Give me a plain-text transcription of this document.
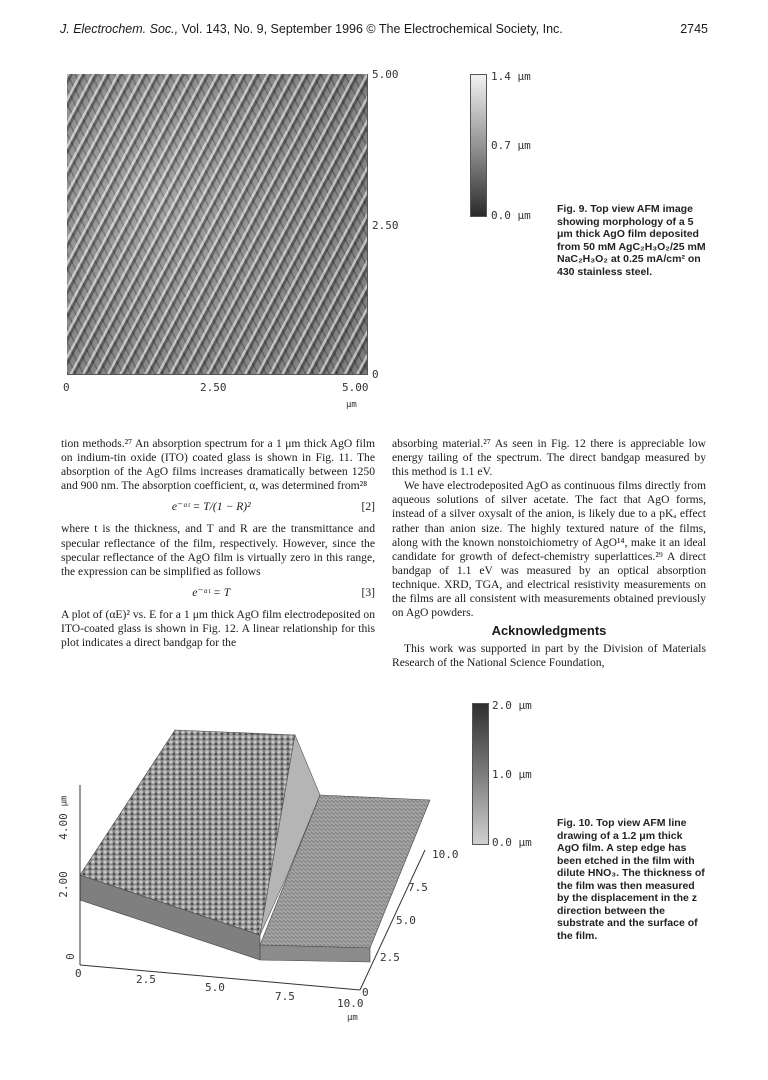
J. Electrochem. Soc., Vol. 143, No. 9, September 1996 © The Electrochemical Society, Inc.	2745
5.00
2.50
0
0	2.50	5.00
μm
1.4 μm
0.7 μm
0.0 μm	Fig. 9. Top view AFM image showing morphology of a 5 μm thick AgO film deposited from 50 mM AgC₂H₃O₂/25 mM NaC₂H₃O₂ at 0.25 mA/cm² on 430 stainless steel.

tion methods.²⁷ An absorption spectrum for a 1 μm thick AgO film on indium-tin oxide (ITO) coated glass is shown in Fig. 11. The absorption of the AgO films increases dramatically between 1250 and 900 nm. The absorption coefficient, α, was determined from²⁸

e⁻ᵅᵗ = T/(1 − R)²	[2]

where t is the thickness, and T and R are the transmittance and specular reflectance of the film, respectively. However, since the specular reflectance of the AgO film is virtually zero in this range, the expression can be simplified as follows

e⁻ᵅᵗ = T	[3]

A plot of (αE)² vs. E for a 1 μm thick AgO film electrodeposited on ITO-coated glass is shown in Fig. 12. A linear relationship for this plot indicates a direct bandgap for the

absorbing material.²⁷ As seen in Fig. 12 there is appreciable low energy tailing of the spectrum. The direct bandgap measured by this method is 1.1 eV.

We have electrodeposited AgO as continuous films directly from aqueous solutions of silver acetate. The fact that AgO forms, instead of a silver oxysalt of the anion, is likely due to a pKₐ effect rather than anion size. The highly textured nature of the films, along with the known nonstoichiometry of AgO¹⁴, make it an ideal candidate for growth of defect-chemistry superlattices.²⁹ A direct bandgap of 1.1 eV was measured by an optical absorption technique. XRD, TGA, and electrical resistivity measurements on the films are all consistent with measurements obtained previously on AgO powders.

Acknowledgments

This work was supported in part by the Division of Materials Research of the National Science Foundation,

μm
4.00
2.00
0
0	2.5
5.0
7.5
10.0
μm
10.0
7.5
5.0
2.5
0
2.0 μm
1.0 μm
0.0 μm
Fig. 10. Top view AFM line drawing of a 1.2 μm thick AgO film. A step edge has been etched in the film with dilute HNO₃. The thickness of the film was then measured by the displacement in the z direction between the substrate and the surface of the film.
